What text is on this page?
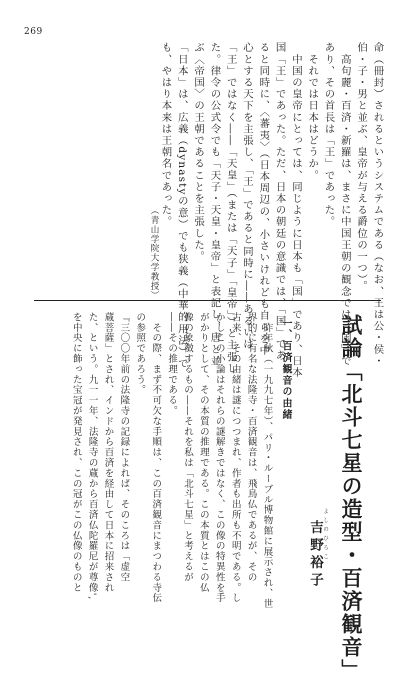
269
命（冊封）されるというシステムである（なお、王は公・侯・
伯・子・男と並ぶ、皇帝が与える爵位の一つ）。
　高句麗・百済・新羅は、まさに中国王朝の観念では「国」で
あり、その首長は「王」であった。
　それでは日本はどうか。
　中国の皇帝にとっては、同じように日本も「国」であり、日本
国「王」であった。ただ、日本の朝廷の意識では、「国」であ
ると同時に、〈蕃夷〉（日本周辺の、小さいけれども自らを中
心とする天下を主張し、「王」であると同時に――あるいは
「王」ではなく――「天皇」（または「天子」「皇帝」）と主張し
た。律令の公式令でも「天子・天皇・皇帝」と表記し、唐と並
ぶ〈帝国〉の王朝であることを主張した。
「日本」は、広義（dynastyの意）でも狭義（中華的用法）で
も、やはり本来は王朝名であった。
（青山学院大学教授）
試論「北斗七星の造型・百済観音」
よしのひろこ
吉野裕子
一、百済観音の由緒
　昨年秋（一九九七年）、パリ・ルーブル博物館に展示され、世
界的に有名な法隆寺・百済観音は、飛鳥仏であるが、その
古来、その由緒は謎につつまれ、作者も出所も不明である。し
かしこの小論はそれらの謎解きではなく、この像の特異性を手
がかりとして、その本質の推理である。この本質とはこの仏
像の象徴するもの――それを私は「北斗七星」と考えるが
――その推理である。
　その際、まず不可欠な手順は、この百済観音にまつわる寺伝
の参照であろう。
『三〇〇年前の法隆寺の記録によれば、そのころは「虚空
蔵菩薩」とされ、インドから百済を経由して日本に招来され
た、という。九一一年、法隆寺の蔵から百済仏陀羅尼が尊像',
を中央に飾った宝冠が発見され、この冠がこの仏像のものと
